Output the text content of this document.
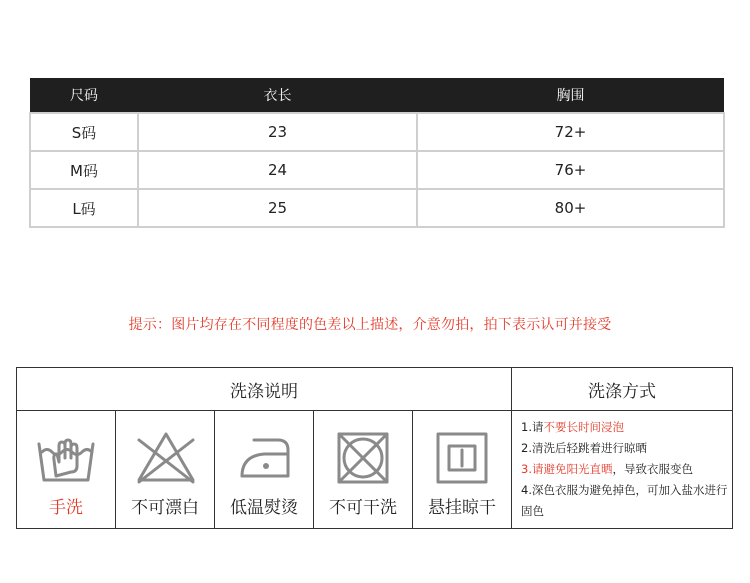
尺码	衣长	胸围
S码	23	72+
M码	24	76+
L码	25	80+
提示：图片均存在不同程度的色差以上描述，介意勿拍，拍下表示认可并接受
洗涤说明	洗涤方式
手洗	不可漂白	低温熨烫	不可干洗	悬挂晾干
1.请不要长时间浸泡
2.清洗后轻跳着进行晾晒
3.请避免阳光直晒，导致衣服变色
4.深色衣服为避免掉色，可加入盐水进行固色
